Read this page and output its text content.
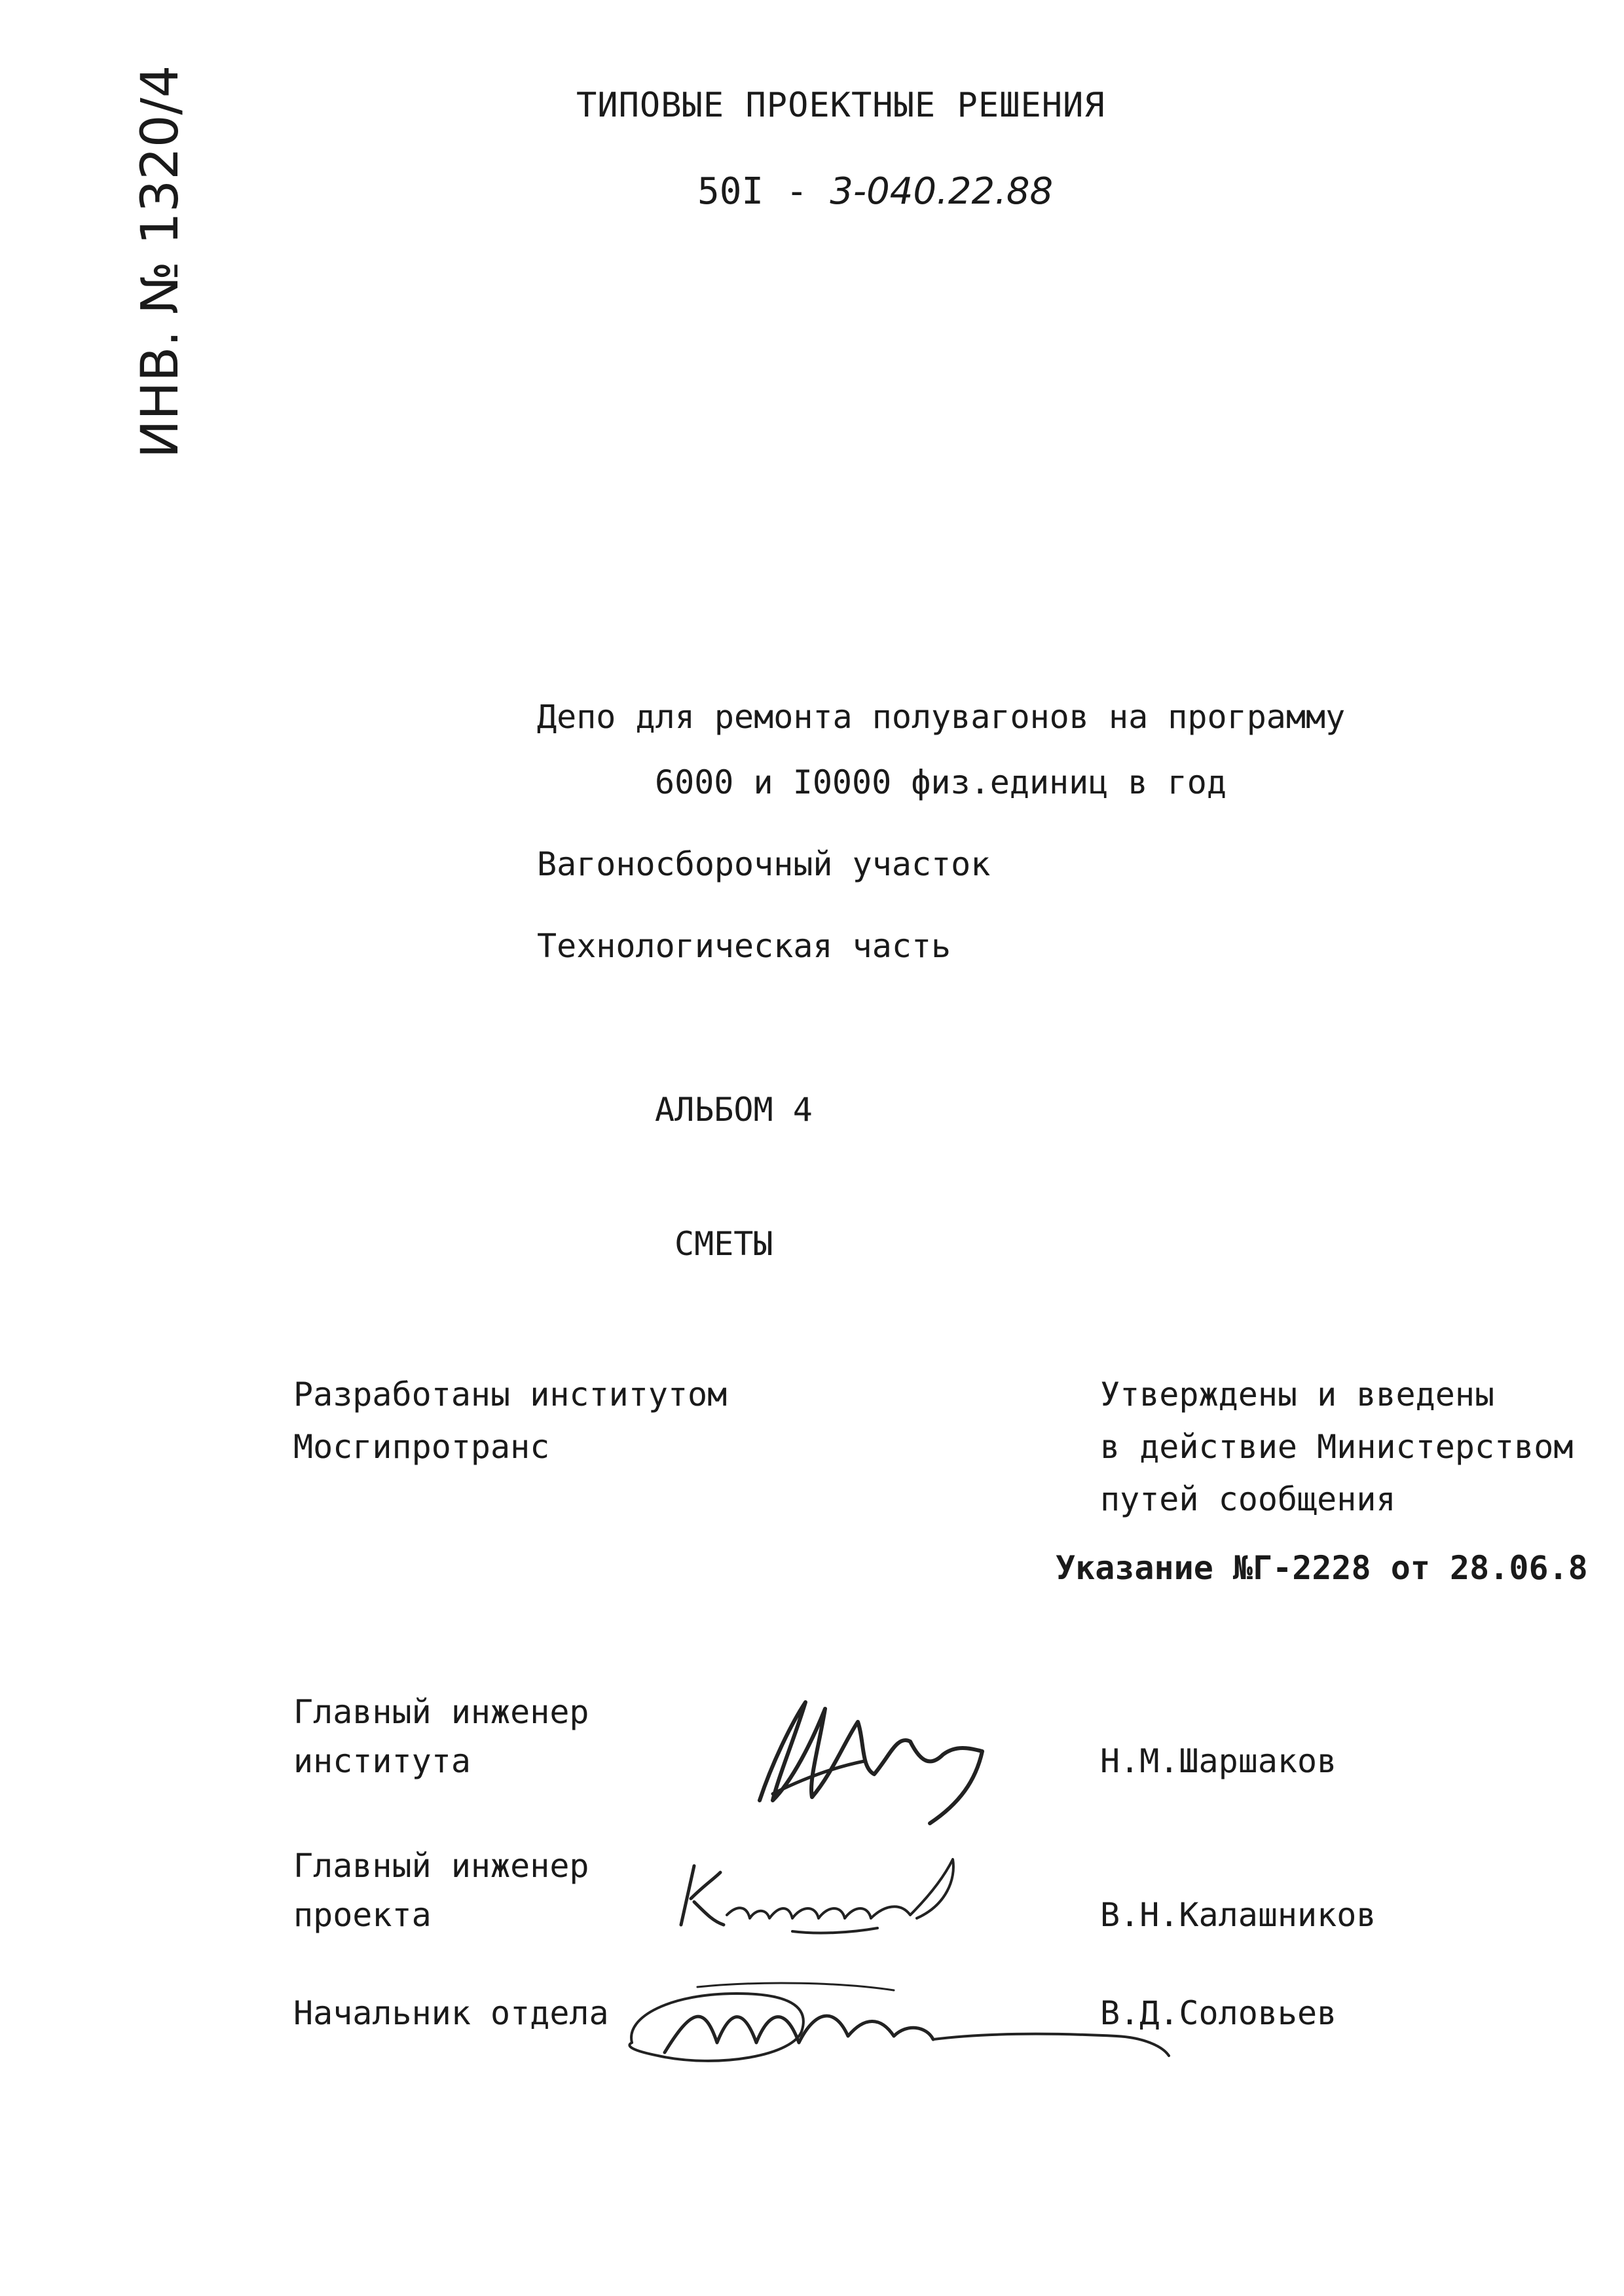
ИНВ. № 1320/4	ТИПОВЫЕ ПРОЕКТНЫЕ РЕШЕНИЯ
50I - 3-040.22.88
Депо для ремонта полувагонов на программу
6000 и I0000 физ.единиц в год
Вагоносборочный участок
Технологическая часть
АЛЬБОМ 4
СМЕТЫ
Разработаны институтом
Мосгипротранс
Утверждены и введены
в действие Министерством
путей сообщения
Указание №Г-2228 от 28.06.8
Главный инженер
института	Н.М.Шаршаков
Главный инженер
проекта	В.Н.Калашников
Начальник отдела	В.Д.Соловьев
